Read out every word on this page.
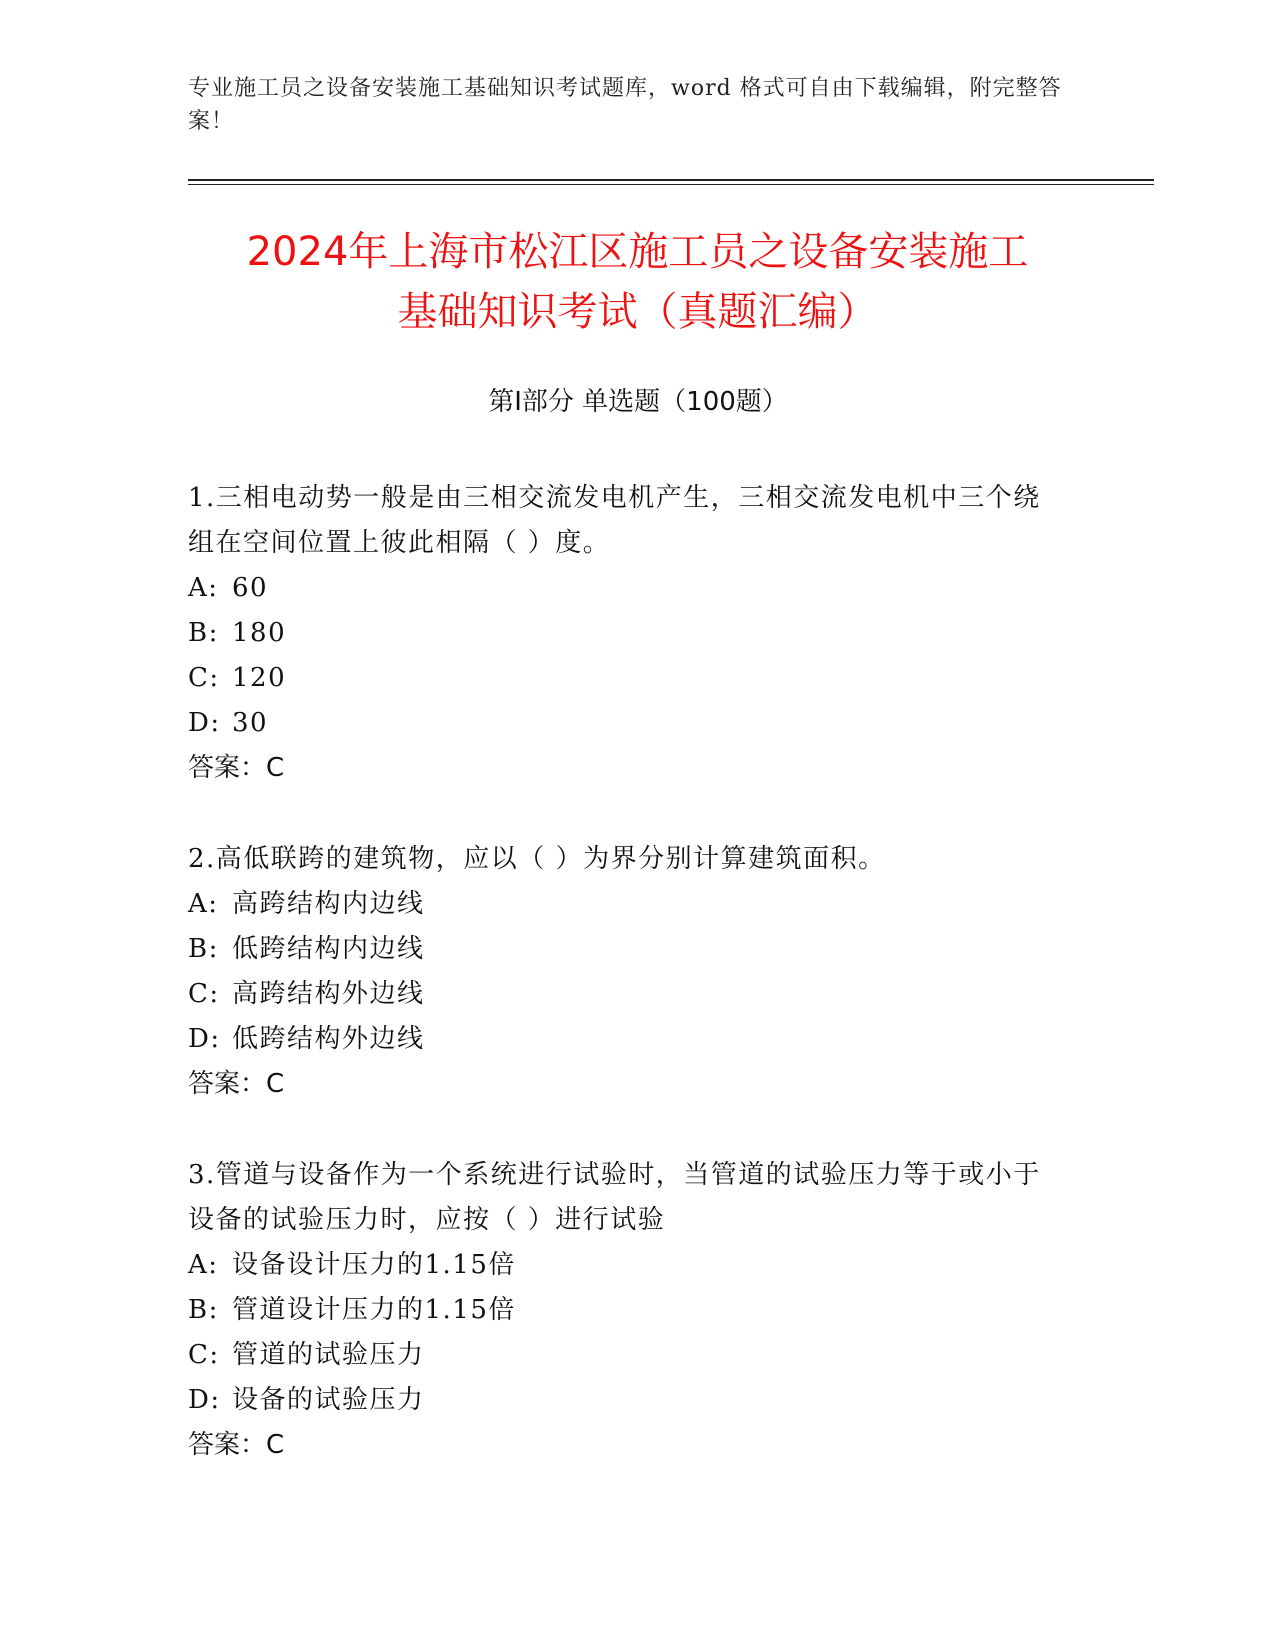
专业施工员之设备安装施工基础知识考试题库，word 格式可自由下载编辑，附完整答案！
2024年上海市松江区施工员之设备安装施工
基础知识考试（真题汇编）
第Ⅰ部分 单选题（100题）

1.三相电动势一般是由三相交流发电机产生，三相交流发电机中三个绕组在空间位置上彼此相隔（ ）度。

A: 60
B: 180
C: 120
D: 30
答案：C

2.高低联跨的建筑物，应以（ ）为界分别计算建筑面积。

A: 高跨结构内边线
B: 低跨结构内边线
C: 高跨结构外边线
D: 低跨结构外边线
答案：C

3.管道与设备作为一个系统进行试验时，当管道的试验压力等于或小于设备的试验压力时，应按（ ）进行试验

A: 设备设计压力的1.15倍
B: 管道设计压力的1.15倍
C: 管道的试验压力
D: 设备的试验压力
答案：C
